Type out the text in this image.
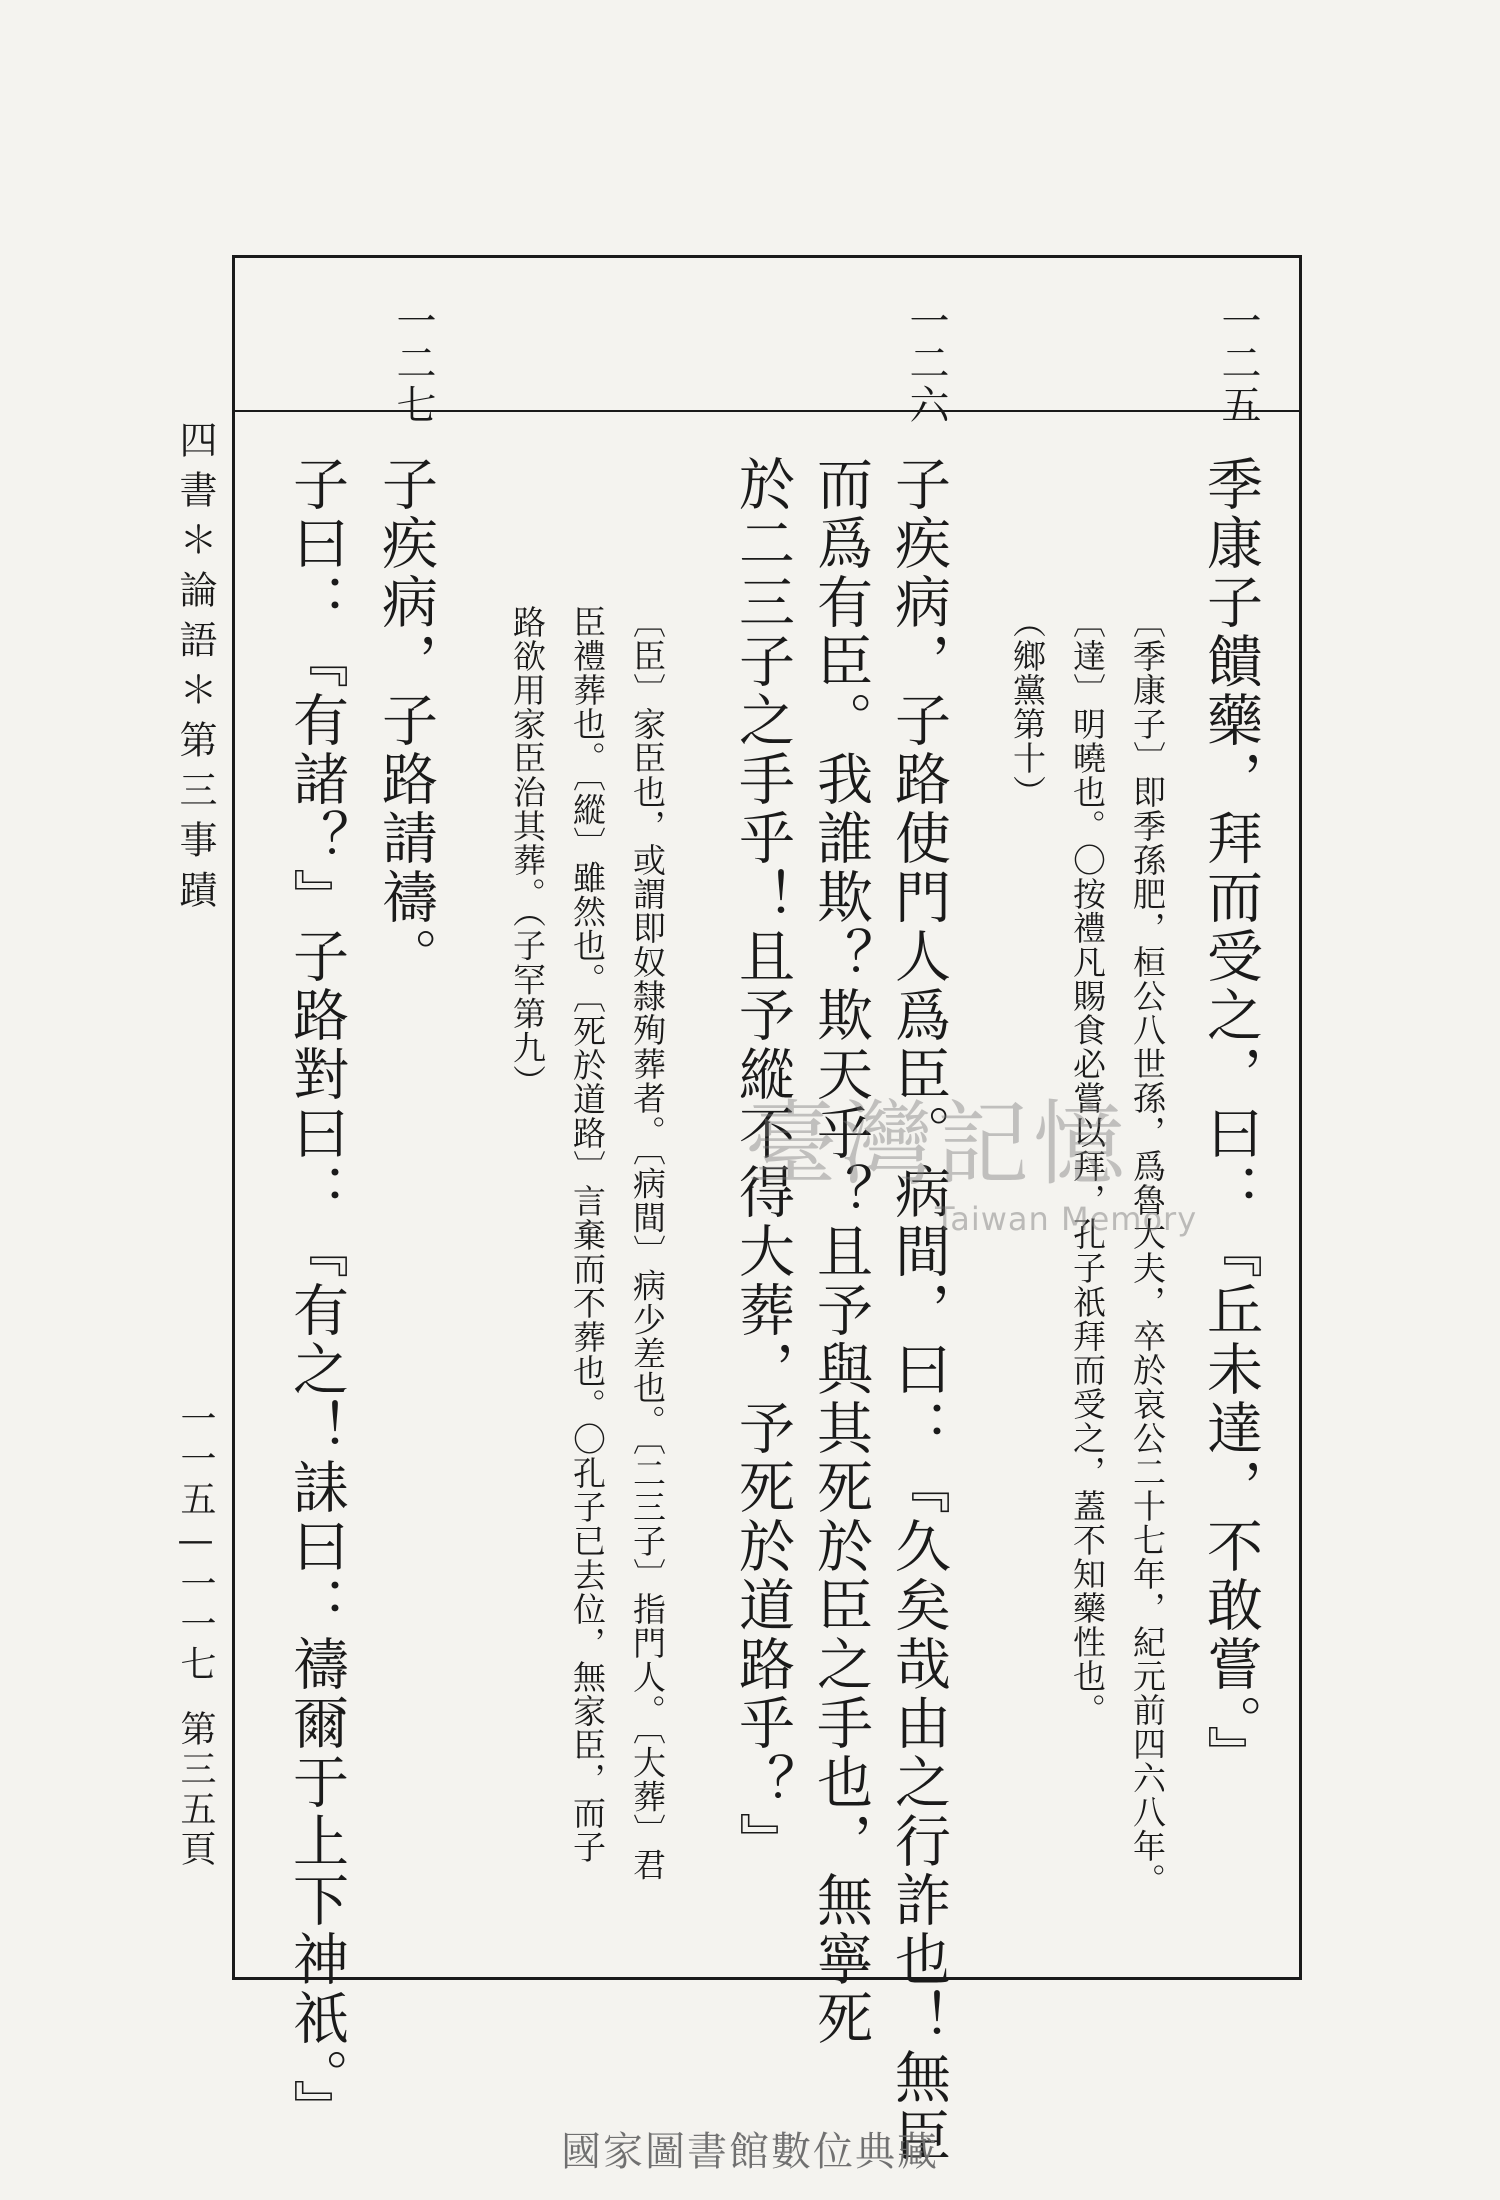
一二五
一二六
一二七
季康子饋藥，拜而受之，曰：『丘未達，不敢嘗。』
〔季康子〕即季孫肥，桓公八世孫，爲魯大夫，卒於哀公二十七年，紀元前四六八年。
〔達〕明曉也。〇按禮凡賜食必嘗以拜，孔子祇拜而受之，蓋不知藥性也。
（鄉黨第十）
子疾病，子路使門人爲臣。病間，曰：『久矣哉由之行詐也！無臣
而爲有臣。我誰欺？欺天乎？且予與其死於臣之手也，無寧死
於二三子之手乎！且予縱不得大葬，予死於道路乎？』
〔臣〕家臣也，或謂即奴隸殉葬者。〔病間〕病少差也。〔二三子〕指門人。〔大葬〕君
臣禮葬也。〔縱〕雖然也。〔死於道路〕言棄而不葬也。〇孔子已去位，無家臣，而子
路欲用家臣治其葬。（子罕第九）
子疾病，子路請禱。
子曰：『有諸？』子路對曰：『有之！誄曰：禱爾于上下神祇。』
四書＊論語＊第三事蹟
一一五—一一七
第三五頁
臺灣記憶
Taiwan Memory
國家圖書館數位典藏
